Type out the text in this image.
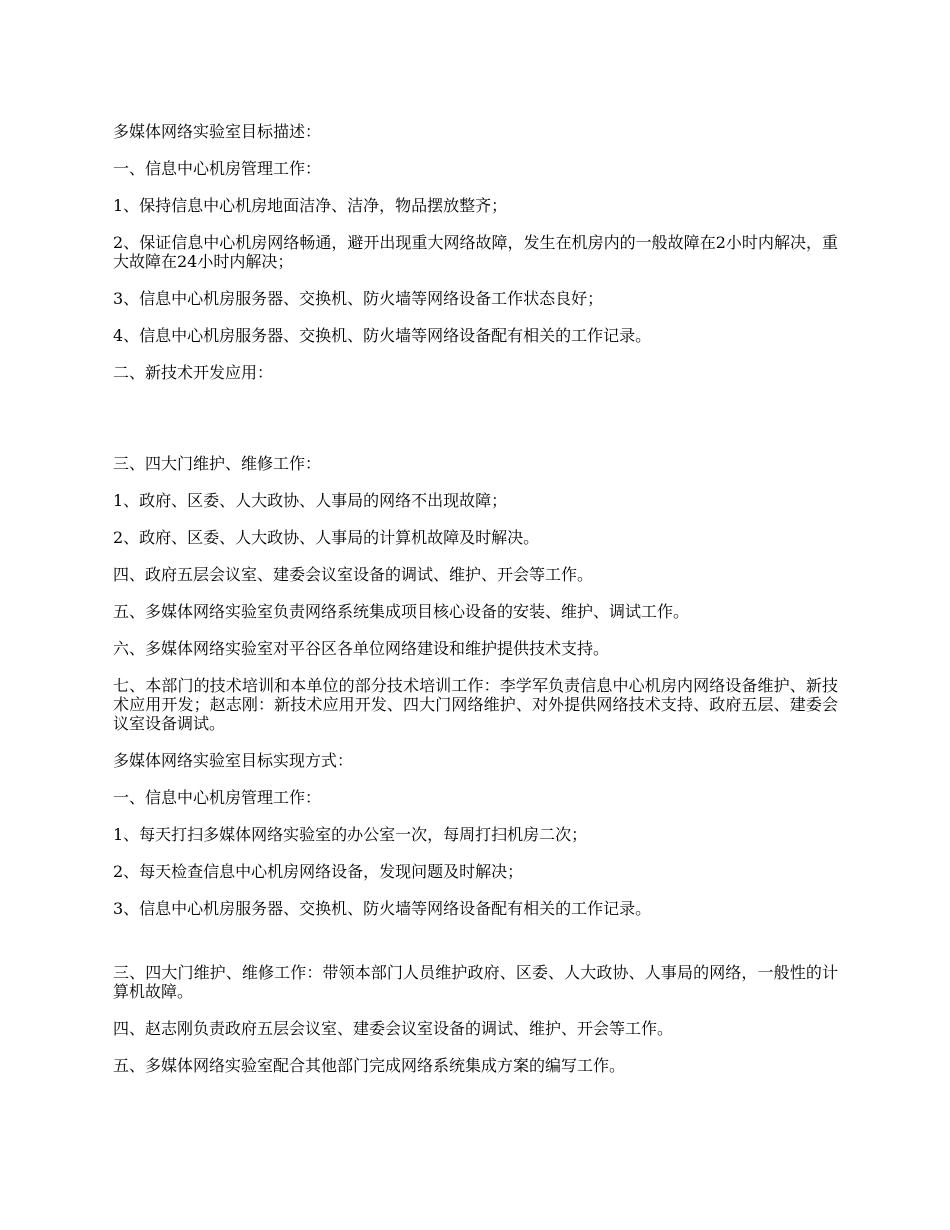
多媒体网络实验室目标描述：

一、信息中心机房管理工作：

1、保持信息中心机房地面洁净、洁净，物品摆放整齐；

2、保证信息中心机房网络畅通，避开出现重大网络故障，发生在机房内的一般故障在2小时内解决，重大故障在24小时内解决；

3、信息中心机房服务器、交换机、防火墙等网络设备工作状态良好；

4、信息中心机房服务器、交换机、防火墙等网络设备配有相关的工作记录。

二、新技术开发应用：

三、四大门维护、维修工作：

1、政府、区委、人大政协、人事局的网络不出现故障；

2、政府、区委、人大政协、人事局的计算机故障及时解决。

四、政府五层会议室、建委会议室设备的调试、维护、开会等工作。

五、多媒体网络实验室负责网络系统集成项目核心设备的安装、维护、调试工作。

六、多媒体网络实验室对平谷区各单位网络建设和维护提供技术支持。

七、本部门的技术培训和本单位的部分技术培训工作：李学军负责信息中心机房内网络设备维护、新技术应用开发；赵志刚：新技术应用开发、四大门网络维护、对外提供网络技术支持、政府五层、建委会议室设备调试。

多媒体网络实验室目标实现方式：

一、信息中心机房管理工作：

1、每天打扫多媒体网络实验室的办公室一次，每周打扫机房二次；

2、每天检查信息中心机房网络设备，发现问题及时解决；

3、信息中心机房服务器、交换机、防火墙等网络设备配有相关的工作记录。

三、四大门维护、维修工作：带领本部门人员维护政府、区委、人大政协、人事局的网络，一般性的计算机故障。

四、赵志刚负责政府五层会议室、建委会议室设备的调试、维护、开会等工作。

五、多媒体网络实验室配合其他部门完成网络系统集成方案的编写工作。
